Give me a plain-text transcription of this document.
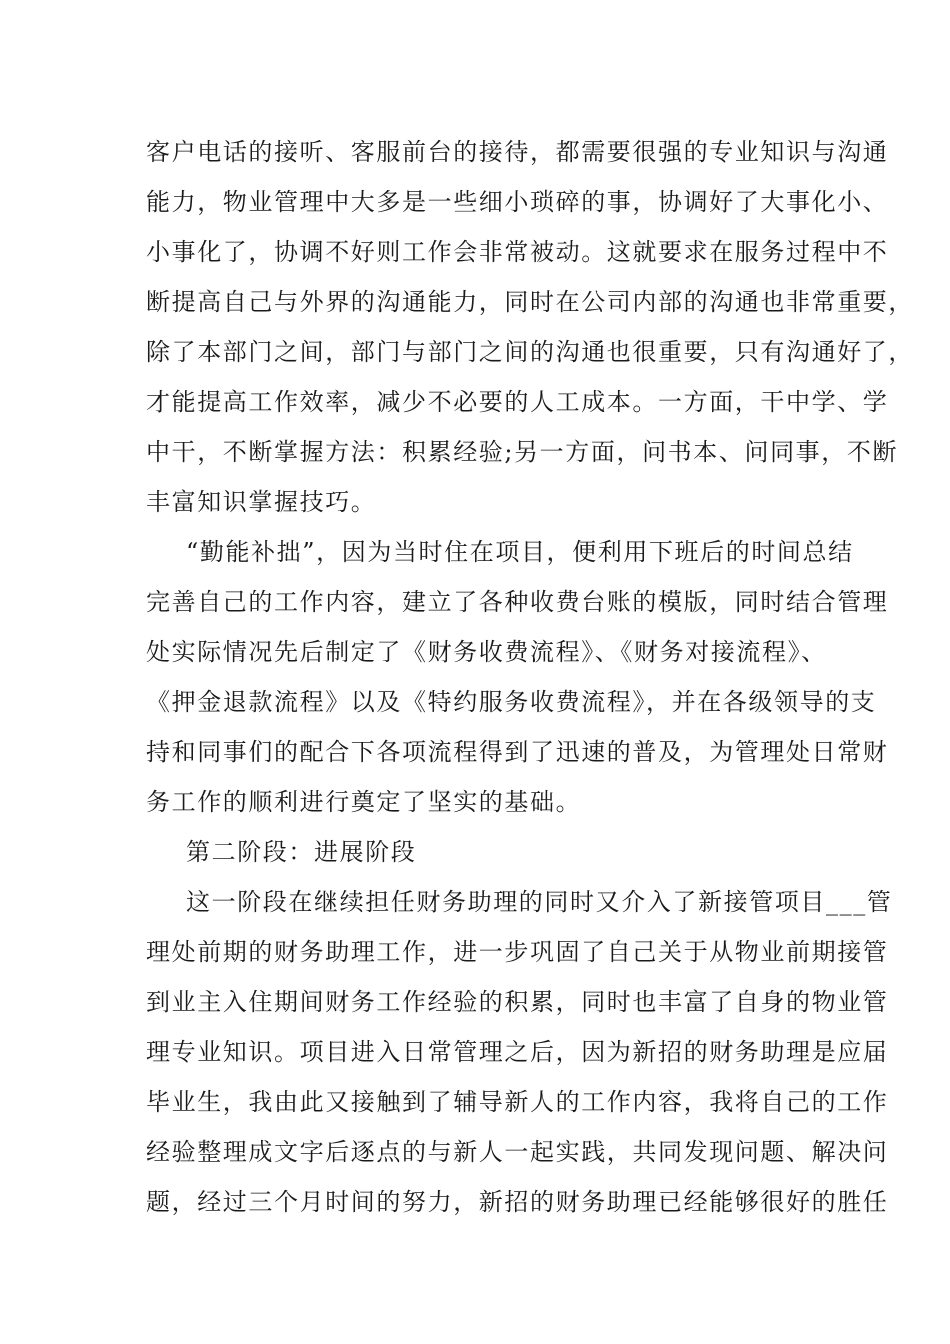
客户电话的接听、客服前台的接待，都需要很强的专业知识与沟通
能力，物业管理中大多是一些细小琐碎的事，协调好了大事化小、
小事化了，协调不好则工作会非常被动。这就要求在服务过程中不
断提高自己与外界的沟通能力，同时在公司内部的沟通也非常重要，
除了本部门之间，部门与部门之间的沟通也很重要，只有沟通好了，
才能提高工作效率，减少不必要的人工成本。一方面，干中学、学
中干，不断掌握方法：积累经验;另一方面，问书本、问同事，不断
丰富知识掌握技巧。
“勤能补拙”，因为当时住在项目，便利用下班后的时间总结
完善自己的工作内容，建立了各种收费台账的模版，同时结合管理
处实际情况先后制定了《财务收费流程》、《财务对接流程》、
《押金退款流程》以及《特约服务收费流程》，并在各级领导的支
持和同事们的配合下各项流程得到了迅速的普及，为管理处日常财
务工作的顺利进行奠定了坚实的基础。
第二阶段：进展阶段
这一阶段在继续担任财务助理的同时又介入了新接管项目___管
理处前期的财务助理工作，进一步巩固了自己关于从物业前期接管
到业主入住期间财务工作经验的积累，同时也丰富了自身的物业管
理专业知识。项目进入日常管理之后，因为新招的财务助理是应届
毕业生，我由此又接触到了辅导新人的工作内容，我将自己的工作
经验整理成文字后逐点的与新人一起实践，共同发现问题、解决问
题，经过三个月时间的努力，新招的财务助理已经能够很好的胜任
